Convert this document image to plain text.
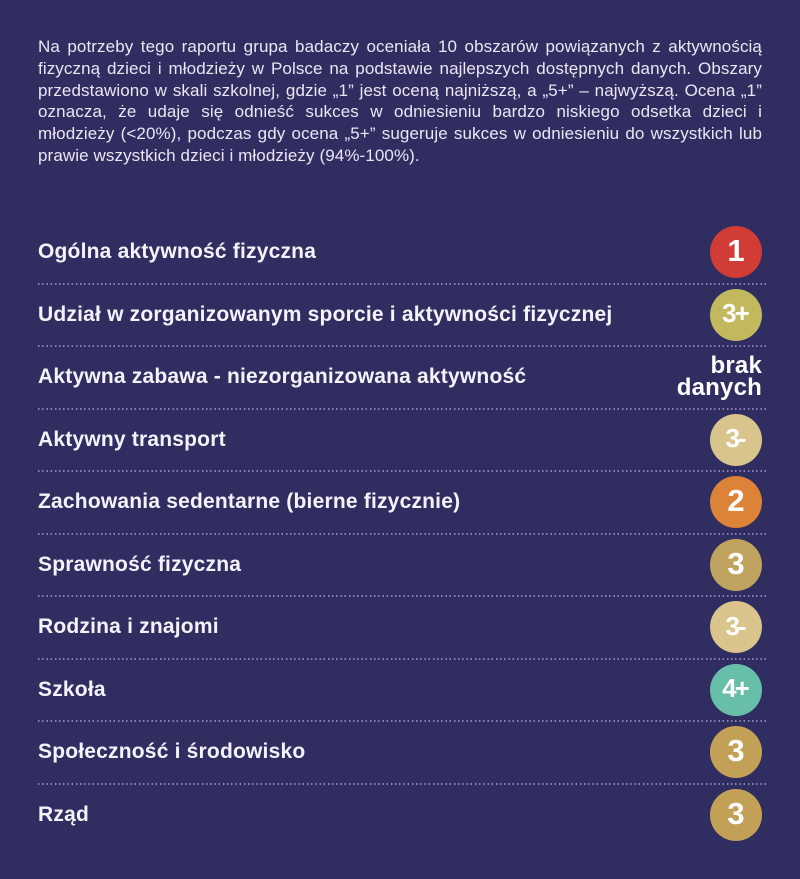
Na potrzeby tego raportu grupa badaczy oceniała 10 obszarów powiązanych z aktywnością fizyczną dzieci i młodzieży w Polsce na podstawie najlepszych dostępnych danych. Obszary przedstawiono w skali szkolnej, gdzie „1” jest oceną najniższą, a „5+” – najwyższą. Ocena „1” oznacza, że udaje się odnieść sukces w odniesieniu bardzo niskiego odsetka dzieci i młodzieży (<20%), podczas gdy ocena „5+” sugeruje sukces w odniesieniu do wszystkich lub prawie wszystkich dzieci i młodzieży (94%-100%).

Ogólna aktywność fizyczna	1
Udział w zorganizowanym sporcie i aktywności fizycznej	3+
Aktywna zabawa - niezorganizowana aktywność	brak danych
Aktywny transport	3-
Zachowania sedentarne (bierne fizycznie)	2
Sprawność fizyczna	3
Rodzina i znajomi	3-
Szkoła	4+
Społeczność i środowisko	3
Rząd	3
